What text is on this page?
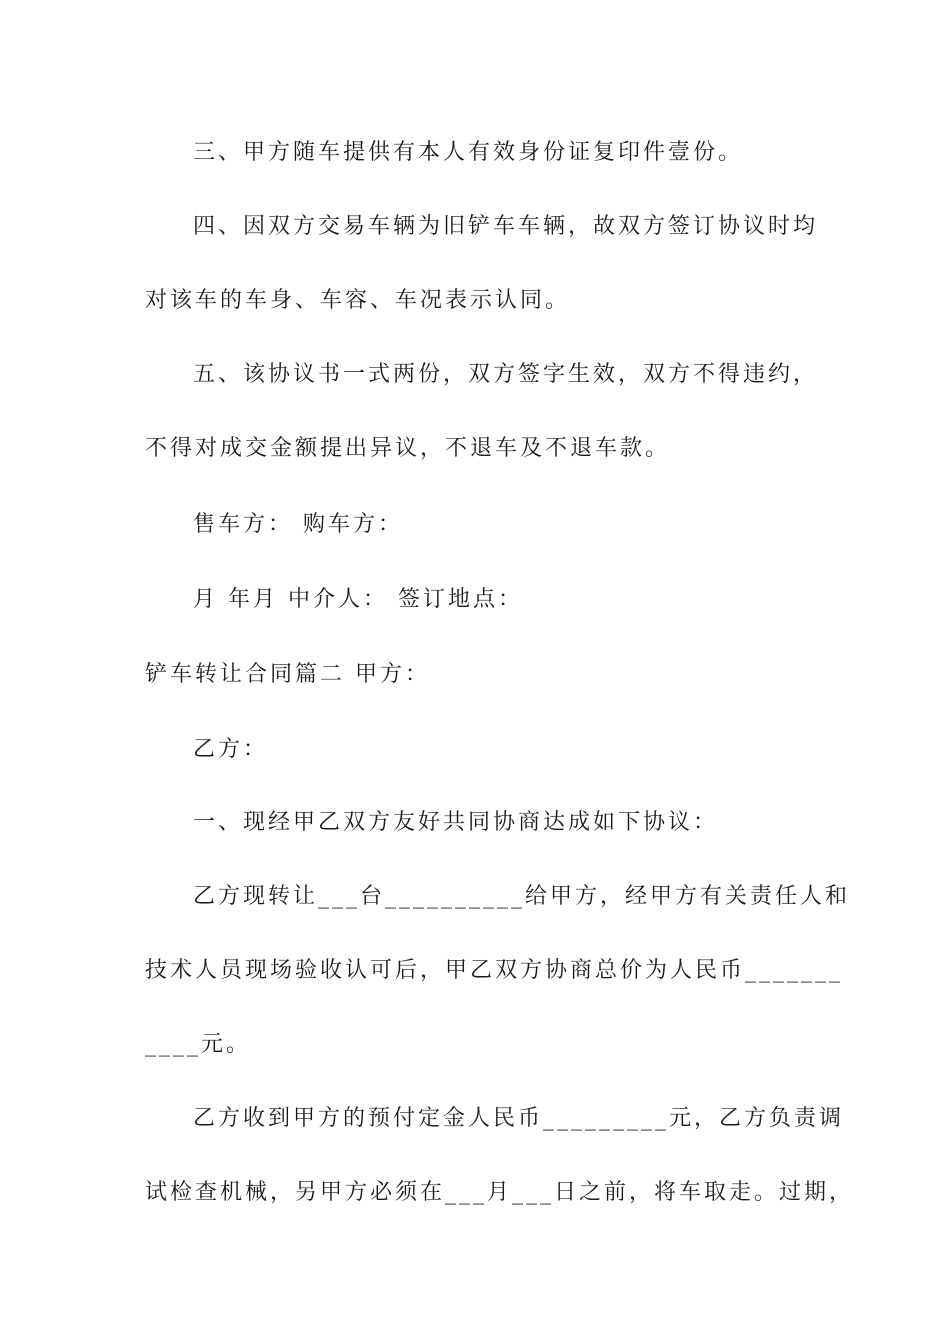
三、甲方随车提供有本人有效身份证复印件壹份。
四、因双方交易车辆为旧铲车车辆，故双方签订协议时均
对该车的车身、车容、车况表示认同。
五、该协议书一式两份，双方签字生效，双方不得违约，
不得对成交金额提出异议，不退车及不退车款。
售车方： 购车方：
月 年月 中介人： 签订地点：
铲车转让合同篇二 甲方：
乙方：
一、现经甲乙双方友好共同协商达成如下协议：
乙方现转让___台__________给甲方，经甲方有关责任人和
技术人员现场验收认可后，甲乙双方协商总价为人民币_______
____元。
乙方收到甲方的预付定金人民币_________元，乙方负责调
试检查机械，另甲方必须在___月___日之前，将车取走。过期，
